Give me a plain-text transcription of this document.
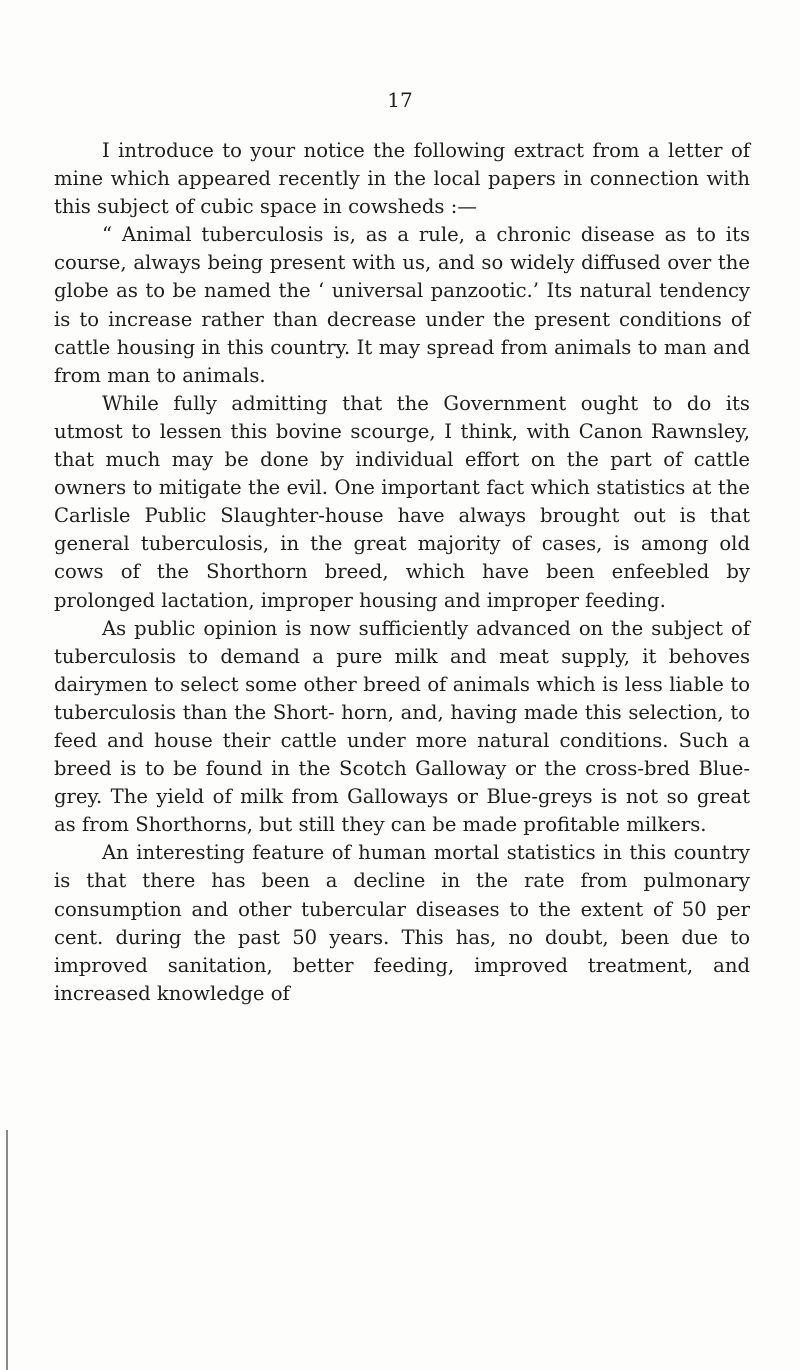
17

I introduce to your notice the following extract from a letter of mine which appeared recently in the local papers in connection with this subject of cubic space in cowsheds :—

“ Animal tuberculosis is, as a rule, a chronic disease as to its course, always being present with us, and so widely diffused over the globe as to be named the ‘ universal panzootic.’ Its natural tendency is to increase rather than decrease under the present conditions of cattle housing in this country. It may spread from animals to man and from man to animals.

While fully admitting that the Government ought to do its utmost to lessen this bovine scourge, I think, with Canon Rawnsley, that much may be done by individual effort on the part of cattle owners to mitigate the evil. One important fact which statistics at the Carlisle Public Slaughter-house have always brought out is that general tuberculosis, in the great majority of cases, is among old cows of the Shorthorn breed, which have been enfeebled by prolonged lactation, improper housing and improper feeding.

As public opinion is now sufficiently advanced on the subject of tuberculosis to demand a pure milk and meat supply, it behoves dairymen to select some other breed of animals which is less liable to tuberculosis than the Short- horn, and, having made this selection, to feed and house their cattle under more natural conditions. Such a breed is to be found in the Scotch Galloway or the cross-bred Blue-grey. The yield of milk from Galloways or Blue-greys is not so great as from Shorthorns, but still they can be made profitable milkers.

An interesting feature of human mortal statistics in this country is that there has been a decline in the rate from pulmonary consumption and other tubercular diseases to the extent of 50 per cent. during the past 50 years. This has, no doubt, been due to improved sanitation, better feeding, improved treatment, and increased knowledge of
